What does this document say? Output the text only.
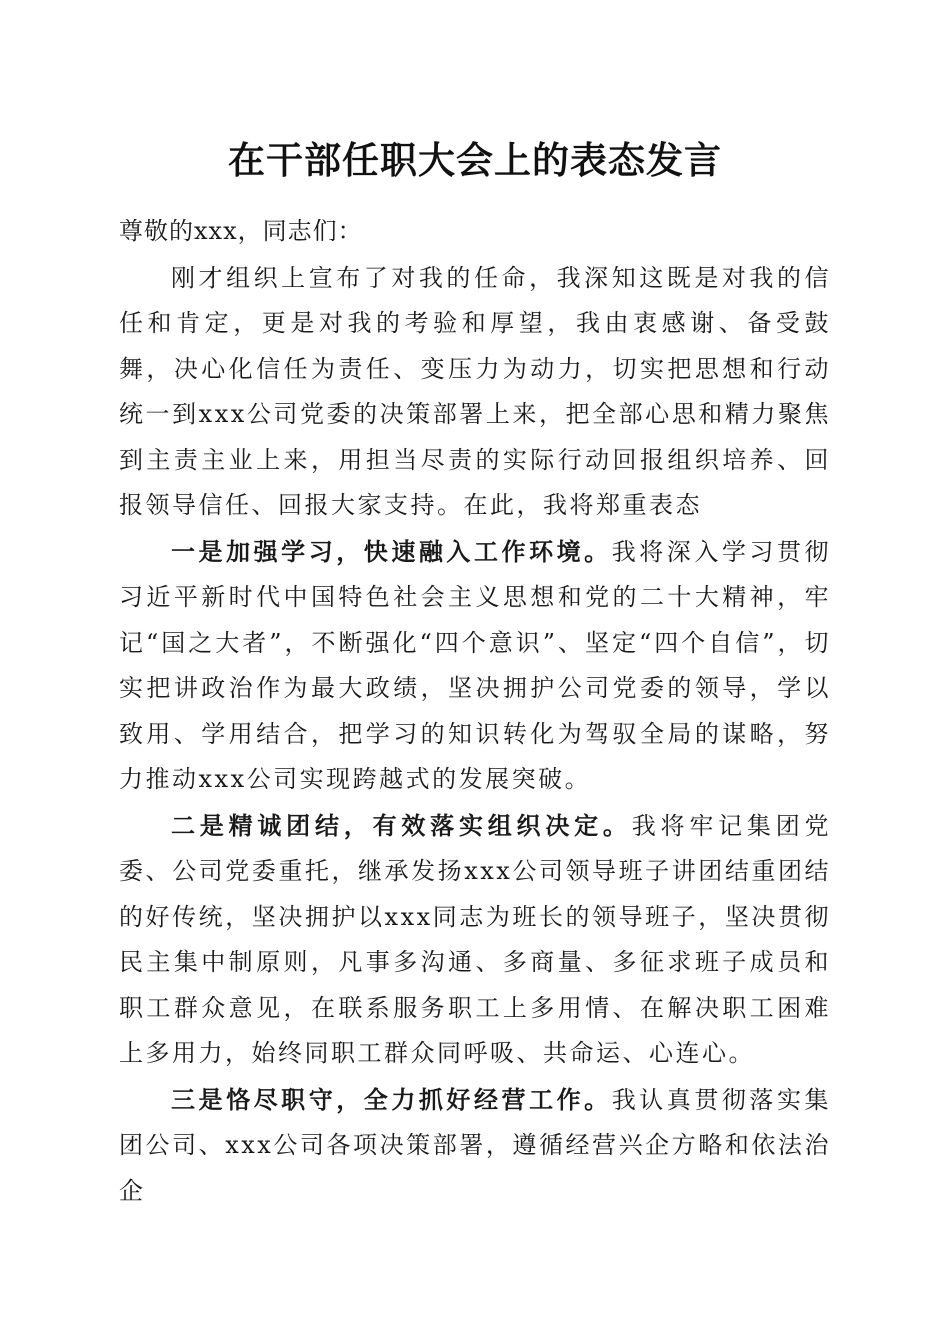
在干部任职大会上的表态发言

尊敬的xxx，同志们：

刚才组织上宣布了对我的任命，我深知这既是对我的信任和肯定，更是对我的考验和厚望，我由衷感谢、备受鼓舞，决心化信任为责任、变压力为动力，切实把思想和行动统一到xxx公司党委的决策部署上来，把全部心思和精力聚焦到主责主业上来，用担当尽责的实际行动回报组织培养、回报领导信任、回报大家支持。在此，我将郑重表态

一是加强学习，快速融入工作环境。我将深入学习贯彻习近平新时代中国特色社会主义思想和党的二十大精神，牢记“国之大者”，不断强化“四个意识”、坚定“四个自信”，切实把讲政治作为最大政绩，坚决拥护公司党委的领导，学以致用、学用结合，把学习的知识转化为驾驭全局的谋略，努力推动xxx公司实现跨越式的发展突破。

二是精诚团结，有效落实组织决定。我将牢记集团党委、公司党委重托，继承发扬xxx公司领导班子讲团结重团结的好传统，坚决拥护以xxx同志为班长的领导班子，坚决贯彻民主集中制原则，凡事多沟通、多商量、多征求班子成员和职工群众意见，在联系服务职工上多用情、在解决职工困难上多用力，始终同职工群众同呼吸、共命运、心连心。

三是恪尽职守，全力抓好经营工作。我认真贯彻落实集团公司、xxx公司各项决策部署，遵循经营兴企方略和依法治企
